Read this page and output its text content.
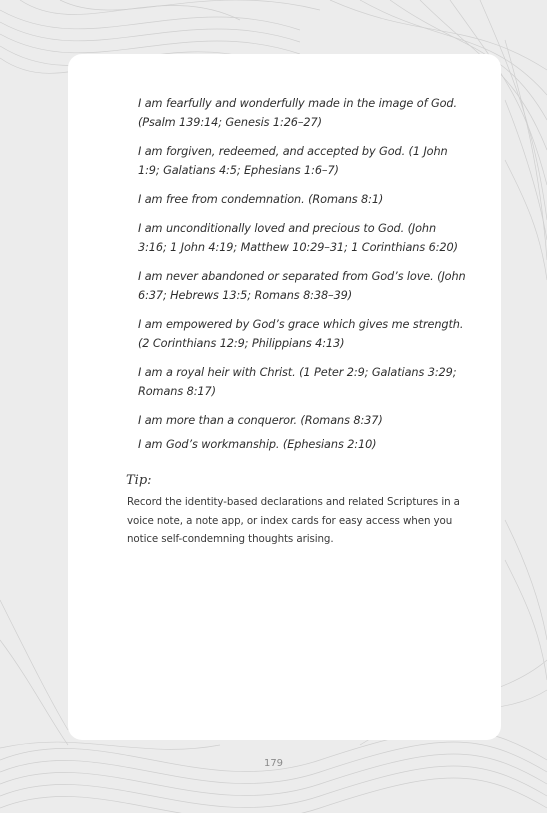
I am fearfully and wonderfully made in the image of God. (Psalm 139:14; Genesis 1:26–27)
I am forgiven, redeemed, and accepted by God. (1 John 1:9; Galatians 4:5; Ephesians 1:6–7)
I am free from condemnation. (Romans 8:1)
I am unconditionally loved and precious to God. (John 3:16; 1 John 4:19; Matthew 10:29–31; 1 Corinthians 6:20)
I am never abandoned or separated from God’s love. (John 6:37; Hebrews 13:5; Romans 8:38–39)
I am empowered by God’s grace which gives me strength. (2 Corinthians 12:9; Philippians 4:13)
I am a royal heir with Christ. (1 Peter 2:9; Galatians 3:29; Romans 8:17)
I am more than a conqueror. (Romans 8:37)
I am God’s workmanship. (Ephesians 2:10)

Tip:

Record the identity-based declarations and related Scriptures in a voice note, a note app, or index cards for easy access when you notice self-condemning thoughts arising.

179
